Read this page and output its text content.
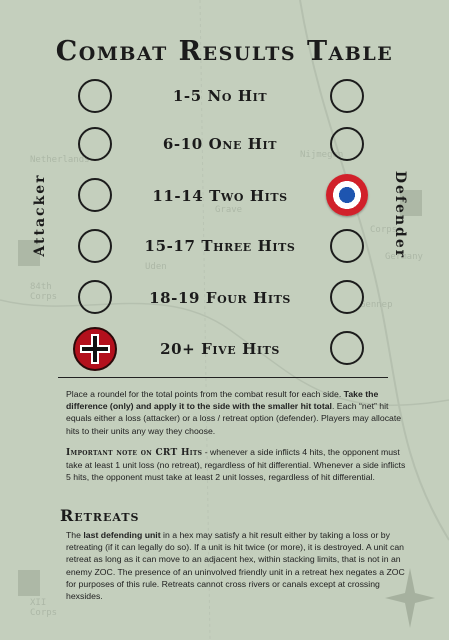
Netherlands	Nijmegen
Grave
Uden
Germany
Gennep
84th
Corps
XII
Corps
Corps
Combat Results Table
Attacker	Defender
1-5 No Hit
6-10 One Hit
11-14 Two Hits
15-17 Three Hits
18-19 Four Hits
20+ Five Hits
Place a roundel for the total points from the combat result for each side. Take the difference (only) and apply it to the side with the smaller hit total. Each “net” hit equals either a loss (attacker) or a loss / retreat option (defender). Players may allocate hits to their units any way they choose.
Important note on CRT Hits - whenever a side inflicts 4 hits, the opponent must take at least 1 unit loss (no retreat), regardless of hit differential. Whenever a side inflicts 5 hits, the opponent must take at least 2 unit losses, regardless of hit differential.
Retreats
The last defending unit in a hex may satisfy a hit result either by taking a loss or by retreating (if it can legally do so). If a unit is hit twice (or more), it is destroyed. A unit can retreat as long as it can move to an adjacent hex, within stacking limits, that is not in an enemy ZOC. The presence of an uninvolved friendly unit in a retreat hex negates a ZOC for purposes of this rule. Retreats cannot cross rivers or canals except at crossing hexsides.
